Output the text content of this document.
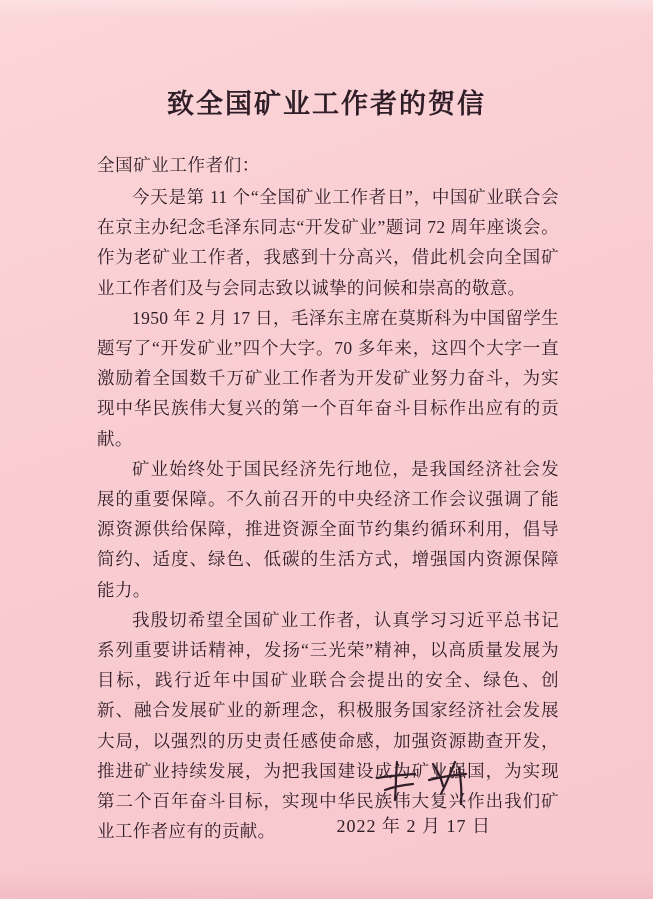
致全国矿业工作者的贺信

全国矿业工作者们：

今天是第 11 个“全国矿业工作者日”，中国矿业联合会在京主办纪念毛泽东同志“开发矿业”题词 72 周年座谈会。作为老矿业工作者，我感到十分高兴，借此机会向全国矿业工作者们及与会同志致以诚挚的问候和崇高的敬意。

1950 年 2 月 17 日，毛泽东主席在莫斯科为中国留学生题写了“开发矿业”四个大字。70 多年来，这四个大字一直激励着全国数千万矿业工作者为开发矿业努力奋斗，为实现中华民族伟大复兴的第一个百年奋斗目标作出应有的贡献。

矿业始终处于国民经济先行地位，是我国经济社会发展的重要保障。不久前召开的中央经济工作会议强调了能源资源供给保障，推进资源全面节约集约循环利用，倡导简约、适度、绿色、低碳的生活方式，增强国内资源保障能力。

我殷切希望全国矿业工作者，认真学习习近平总书记系列重要讲话精神，发扬“三光荣”精神，以高质量发展为目标，践行近年中国矿业联合会提出的安全、绿色、创新、融合发展矿业的新理念，积极服务国家经济社会发展大局，以强烈的历史责任感使命感，加强资源勘查开发，推进矿业持续发展，为把我国建设成为矿业强国，为实现第二个百年奋斗目标，实现中华民族伟大复兴作出我们矿业工作者应有的贡献。	2022 年 2 月 17 日
